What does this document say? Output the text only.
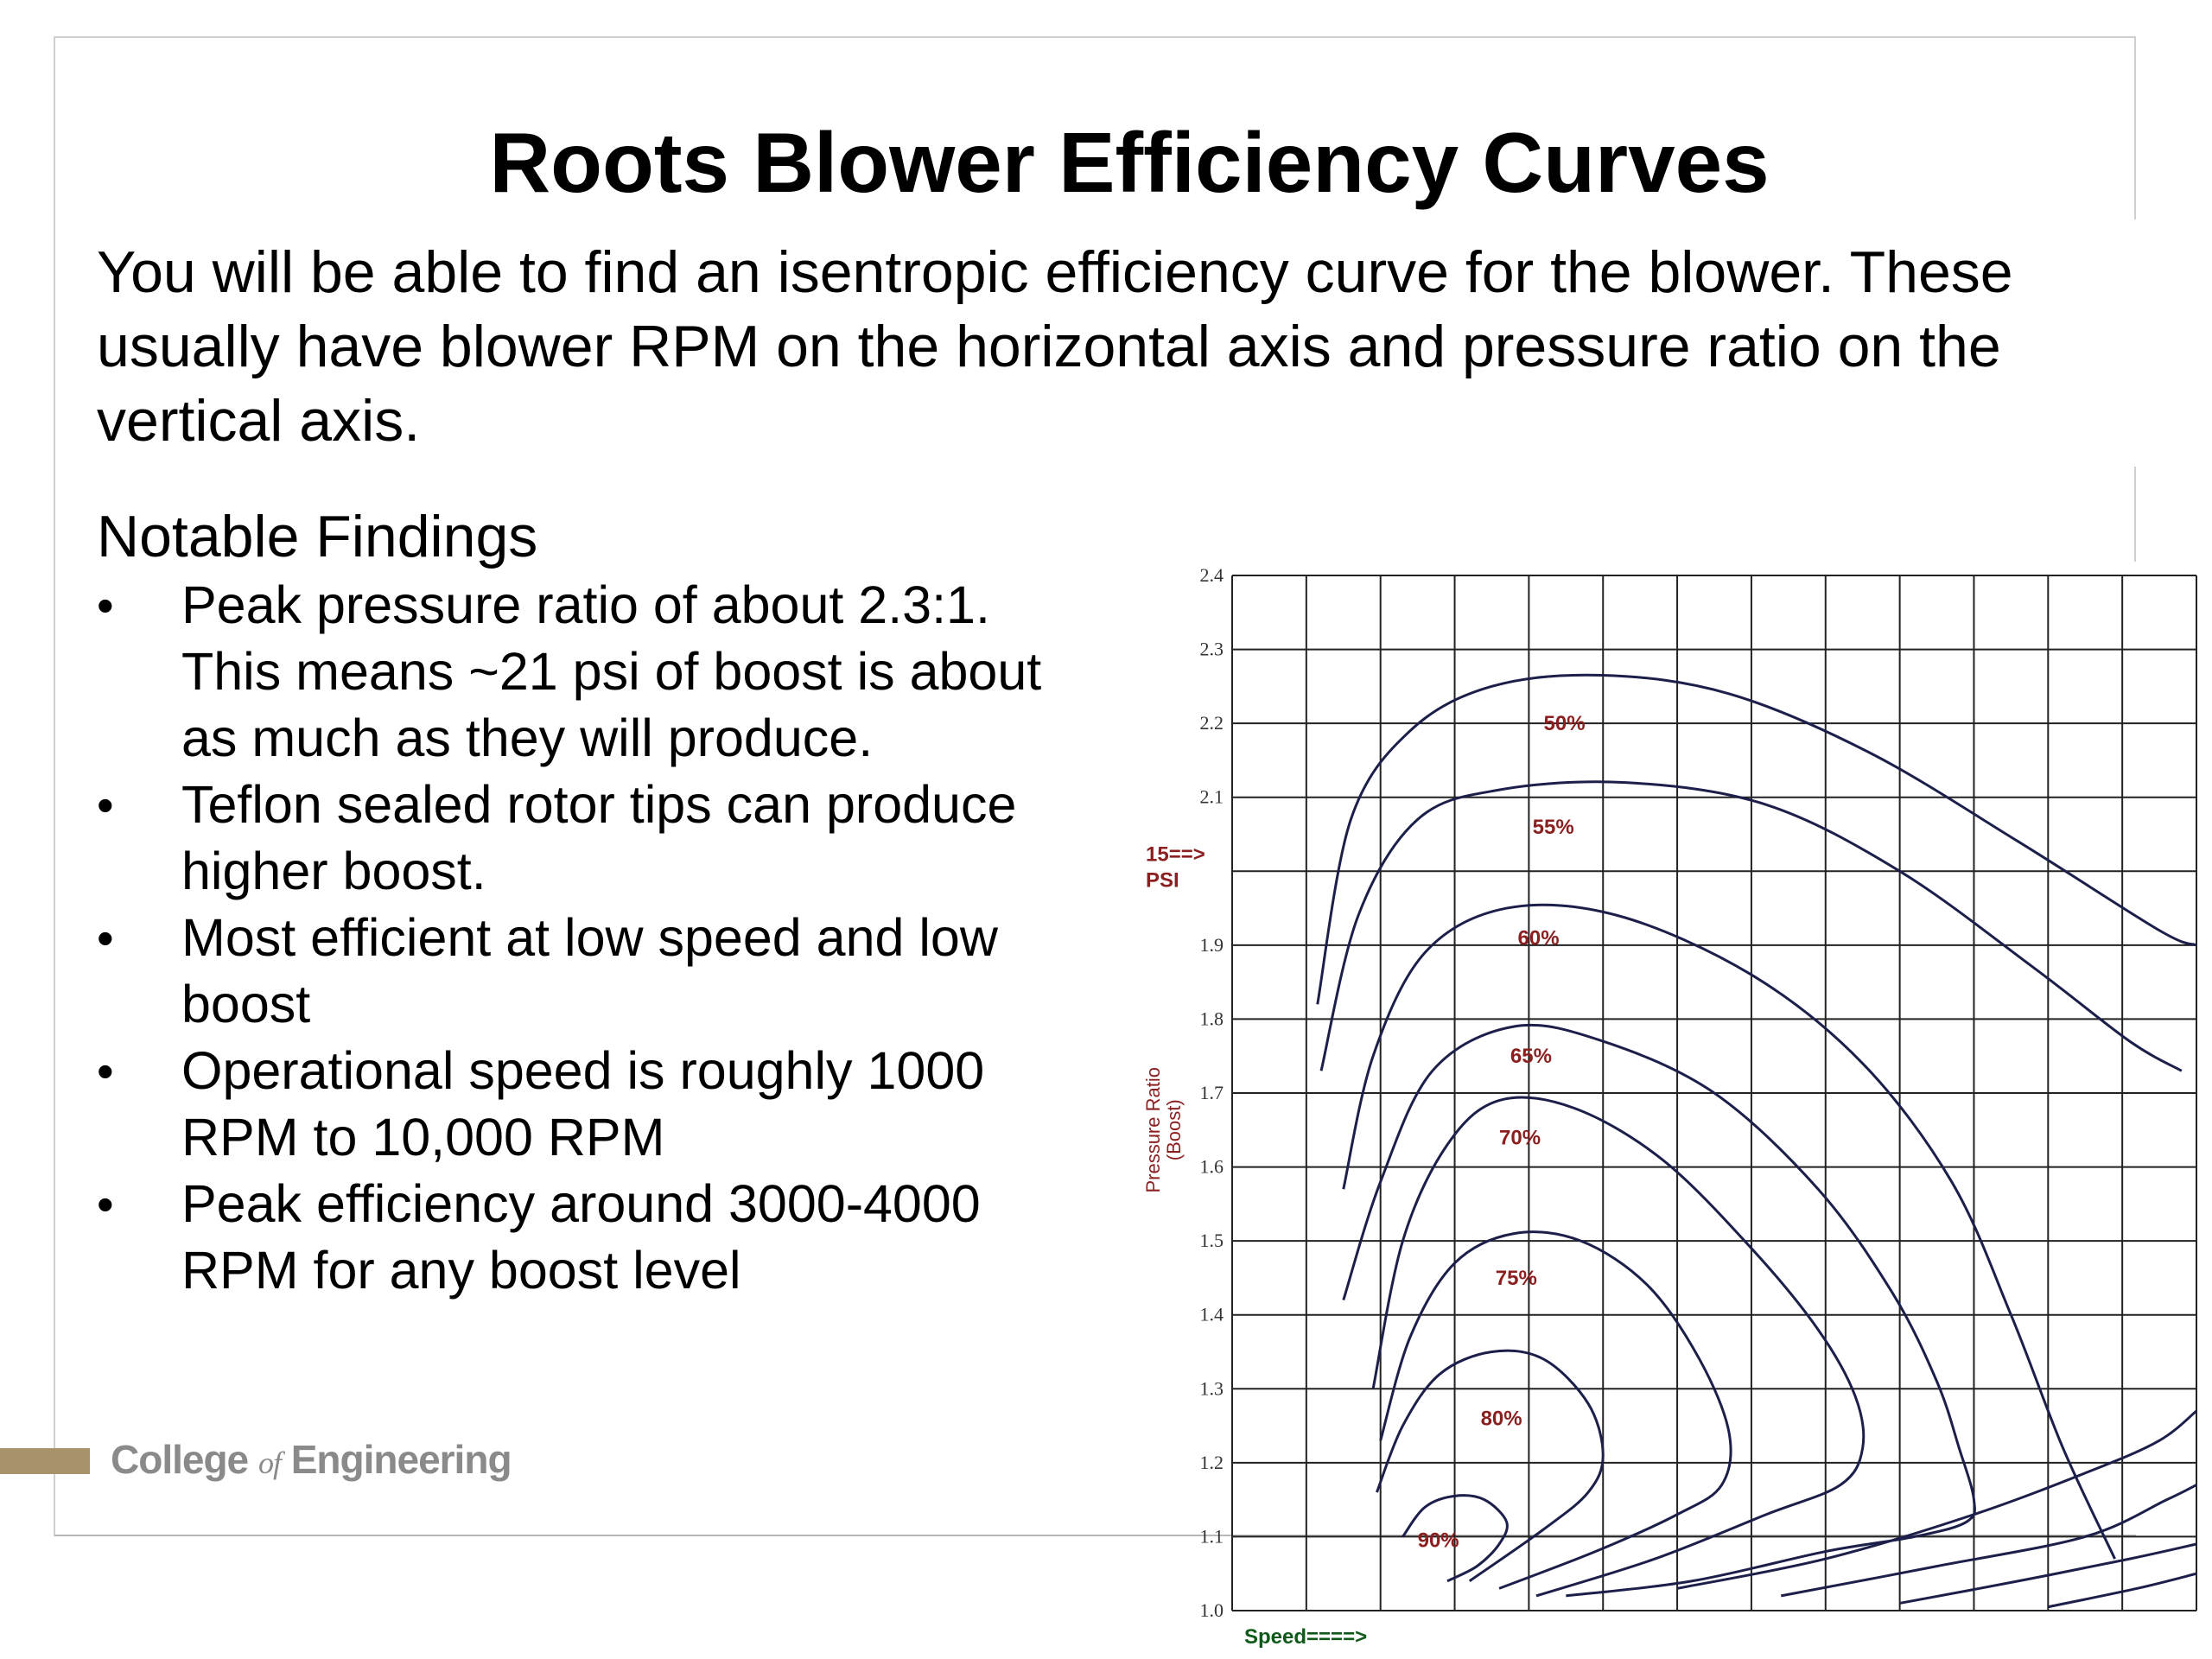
Roots Blower Efficiency Curves
You will be able to find an isentropic efficiency curve for the blower. These usually have blower RPM on the horizontal axis and pressure ratio on the vertical axis.
Notable Findings
•	Peak pressure ratio of about 2.3:1.
This means ~21 psi of boost is about
as much as they will produce.
•	Teflon sealed rotor tips can produce
higher boost.
•	Most efficient at low speed and low
boost
•	Operational speed is roughly 1000
RPM to 10,000 RPM
•	Peak efficiency around 3000-4000
RPM for any boost level
College of Engineering
50%
55%
60%
65%
70%
75%
80%
90%
1.0
1.1
1.2
1.3
1.4
1.5
1.6
1.7
1.8
1.9
2.1
2.2
2.3
2.4
15==>
PSI
Pressure Ratio (Boost)
Speed====>
